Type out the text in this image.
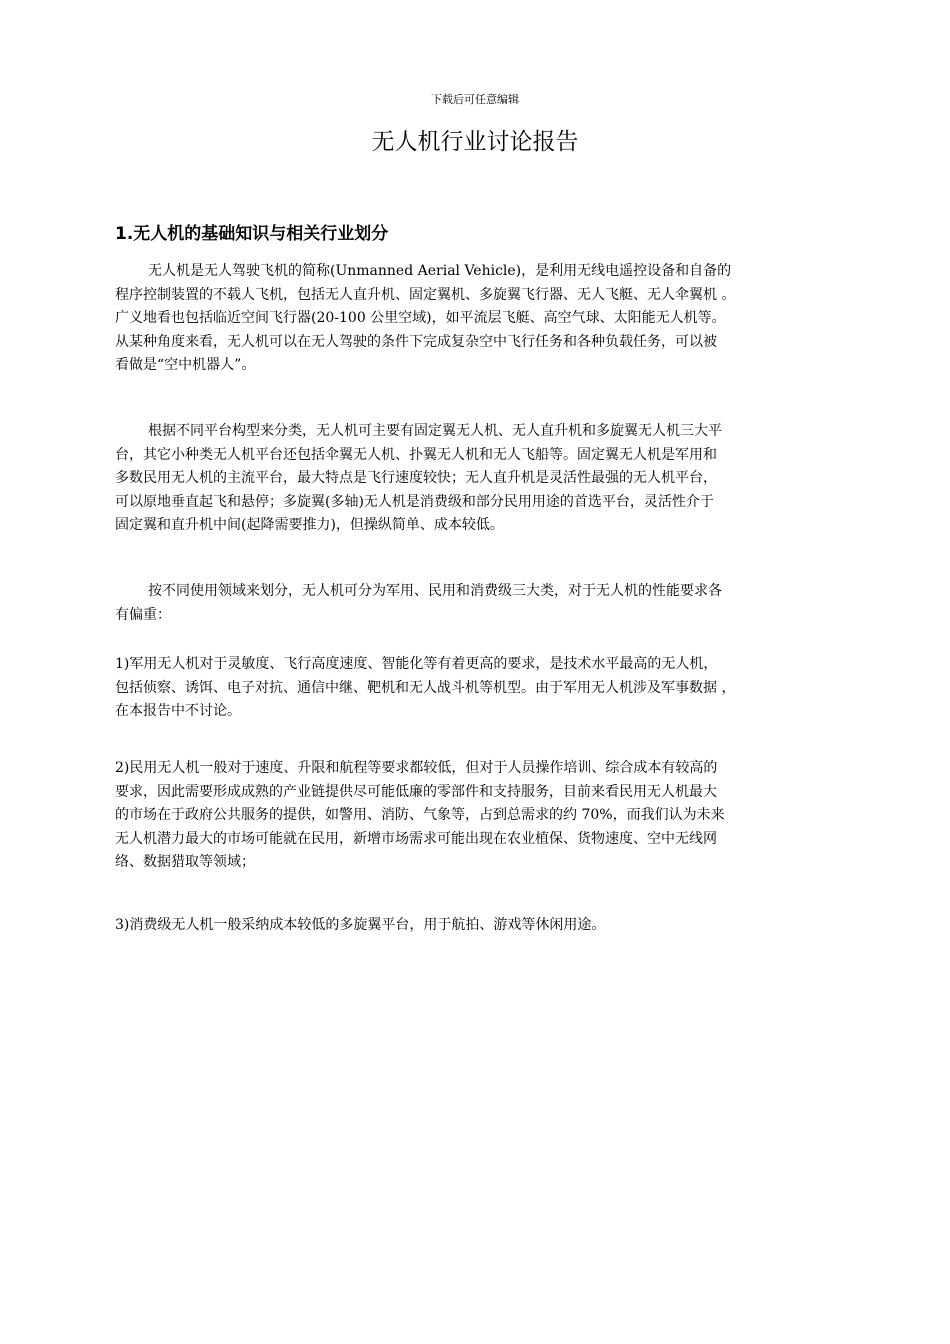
下载后可任意编辑
无人机行业讨论报告
1.无人机的基础知识与相关行业划分
无人机是无人驾驶飞机的简称(Unmanned Aerial Vehicle)，是利用无线电遥控设备和自备的
程序控制装置的不载人飞机，包括无人直升机、固定翼机、多旋翼飞行器、无人飞艇、无人伞翼机 。
广义地看也包括临近空间飞行器(20-100 公里空域)，如平流层飞艇、高空气球、太阳能无人机等。
从某种角度来看，无人机可以在无人驾驶的条件下完成复杂空中飞行任务和各种负载任务，可以被
看做是“空中机器人”。
根据不同平台构型来分类，无人机可主要有固定翼无人机、无人直升机和多旋翼无人机三大平
台，其它小种类无人机平台还包括伞翼无人机、扑翼无人机和无人飞船等。固定翼无人机是军用和
多数民用无人机的主流平台，最大特点是飞行速度较快；无人直升机是灵活性最强的无人机平台，
可以原地垂直起飞和悬停；多旋翼(多轴)无人机是消费级和部分民用用途的首选平台，灵活性介于
固定翼和直升机中间(起降需要推力)，但操纵简单、成本较低。
按不同使用领域来划分，无人机可分为军用、民用和消费级三大类，对于无人机的性能要求各
有偏重：
1)军用无人机对于灵敏度、飞行高度速度、智能化等有着更高的要求，是技术水平最高的无人机，
包括侦察、诱饵、电子对抗、通信中继、靶机和无人战斗机等机型。由于军用无人机涉及军事数据 ，
在本报告中不讨论。
2)民用无人机一般对于速度、升限和航程等要求都较低，但对于人员操作培训、综合成本有较高的
要求，因此需要形成成熟的产业链提供尽可能低廉的零部件和支持服务，目前来看民用无人机最大
的市场在于政府公共服务的提供，如警用、消防、气象等，占到总需求的约 70%，而我们认为未来
无人机潜力最大的市场可能就在民用，新增市场需求可能出现在农业植保、货物速度、空中无线网
络、数据猎取等领域；
3)消费级无人机一般采纳成本较低的多旋翼平台，用于航拍、游戏等休闲用途。
